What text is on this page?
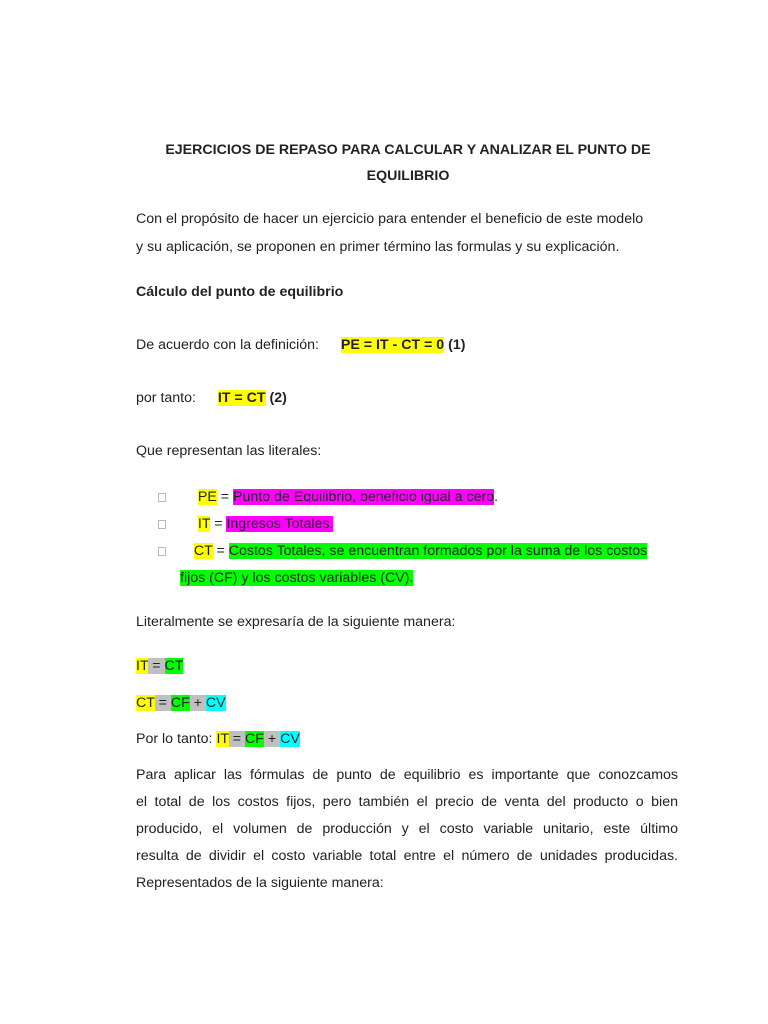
EJERCICIOS DE REPASO PARA CALCULAR Y ANALIZAR EL PUNTO DE
EQUILIBRIO
Con el propósito de hacer un ejercicio para entender el beneficio de este modelo
y su aplicación, se proponen en primer término las formulas y su explicación.
Cálculo del punto de equilibrio
De acuerdo con la definición: PE = IT - CT = 0 (1)
por tanto: IT = CT (2)
Que representan las literales:
PE = Punto de Equilibrio, beneficio igual a cero.
IT = Ingresos Totales.
CT = Costos Totales, se encuentran formados por la suma de los costos
fijos (CF) y los costos variables (CV).
Literalmente se expresaría de la siguiente manera:
IT = CT
CT = CF + CV
Por lo tanto: IT = CF + CV
Para aplicar las fórmulas de punto de equilibrio es importante que conozcamos
el total de los costos fijos, pero también el precio de venta del producto o bien
producido, el volumen de producción y el costo variable unitario, este último
resulta de dividir el costo variable total entre el número de unidades producidas.
Representados de la siguiente manera:
